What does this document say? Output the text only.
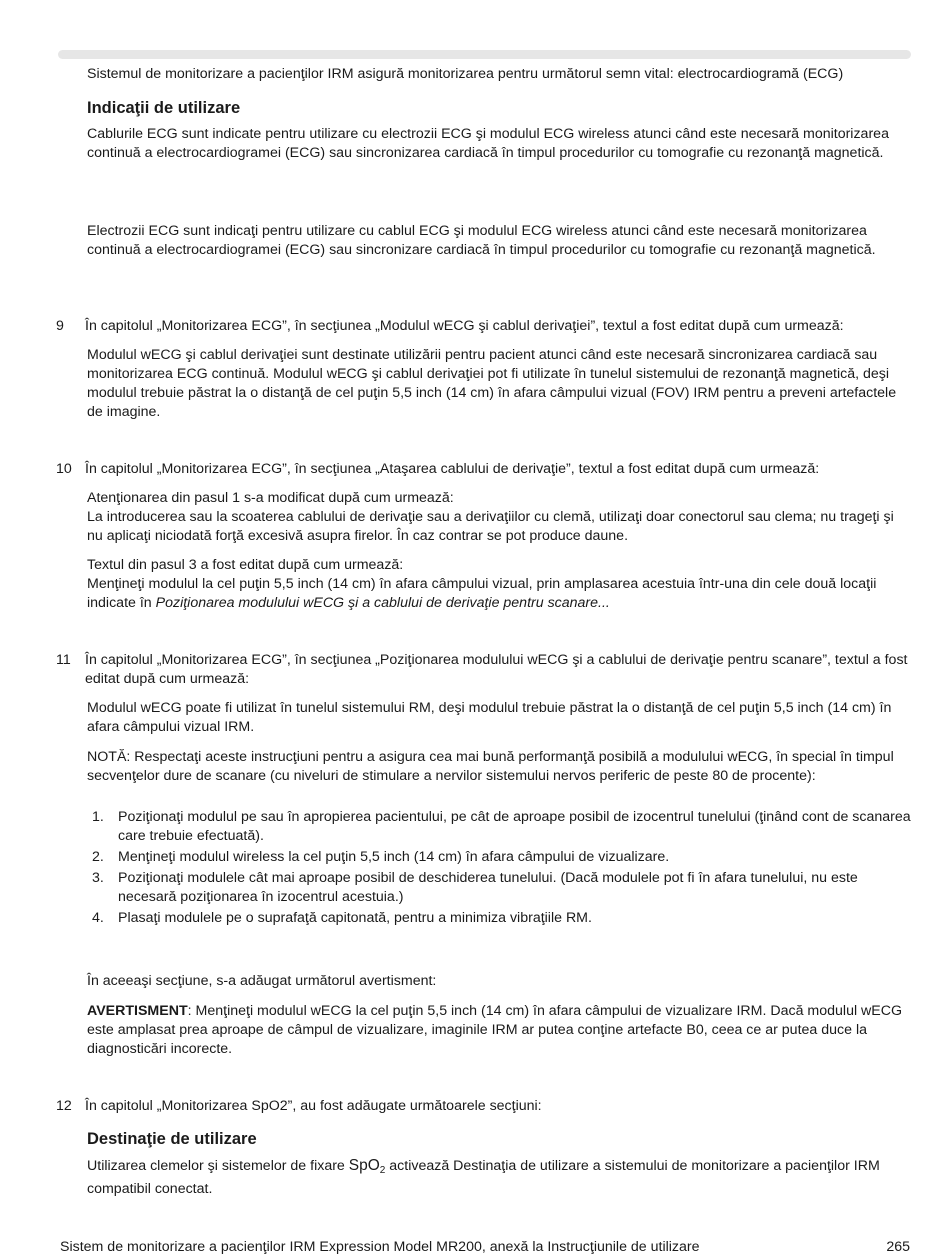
Sistemul de monitorizare a pacienţilor IRM asigură monitorizarea pentru următorul semn vital: electrocardiogramă (ECG)
Indicaţii de utilizare
Cablurile ECG sunt indicate pentru utilizare cu electrozii ECG şi modulul ECG wireless atunci când este necesară monitorizarea continuă a electrocardiogramei (ECG) sau sincronizarea cardiacă în timpul procedurilor cu tomografie cu rezonanţă magnetică.
Electrozii ECG sunt indicaţi pentru utilizare cu cablul ECG şi modulul ECG wireless atunci când este necesară monitorizarea continuă a electrocardiogramei (ECG) sau sincronizare cardiacă în timpul procedurilor cu tomografie cu rezonanţă magnetică.
9 În capitolul „Monitorizarea ECG”, în secţiunea „Modulul wECG şi cablul derivaţiei”, textul a fost editat după cum urmează:
Modulul wECG şi cablul derivaţiei sunt destinate utilizării pentru pacient atunci când este necesară sincronizarea cardiacă sau monitorizarea ECG continuă. Modulul wECG şi cablul derivaţiei pot fi utilizate în tunelul sistemului de rezonanţă magnetică, deşi modulul trebuie păstrat la o distanţă de cel puţin 5,5 inch (14 cm) în afara câmpului vizual (FOV) IRM pentru a preveni artefactele de imagine.
10 În capitolul „Monitorizarea ECG”, în secţiunea „Ataşarea cablului de derivaţie”, textul a fost editat după cum urmează:

Atenţionarea din pasul 1 s-a modificat după cum urmează:

La introducerea sau la scoaterea cablului de derivaţie sau a derivaţiilor cu clemă, utilizaţi doar conectorul sau clema; nu trageţi şi nu aplicaţi niciodată forţă excesivă asupra firelor. În caz contrar se pot produce daune.

Textul din pasul 3 a fost editat după cum urmează:

Menţineţi modulul la cel puţin 5,5 inch (14 cm) în afara câmpului vizual, prin amplasarea acestuia într-una din cele două locaţii indicate în Poziţionarea modulului wECG şi a cablului de derivaţie pentru scanare...

11 În capitolul „Monitorizarea ECG”, în secţiunea „Poziţionarea modulului wECG şi a cablului de derivaţie pentru scanare”, textul a fost editat după cum urmează:
Modulul wECG poate fi utilizat în tunelul sistemului RM, deşi modulul trebuie păstrat la o distanţă de cel puţin 5,5 inch (14 cm) în afara câmpului vizual IRM.
NOTĂ: Respectaţi aceste instrucţiuni pentru a asigura cea mai bună performanţă posibilă a modulului wECG, în special în timpul secvenţelor dure de scanare (cu niveluri de stimulare a nervilor sistemului nervos periferic de peste 80 de procente):
1. Poziţionaţi modulul pe sau în apropierea pacientului, pe cât de aproape posibil de izocentrul tunelului (ţinând cont de scanarea care trebuie efectuată).
2. Menţineţi modulul wireless la cel puţin 5,5 inch (14 cm) în afara câmpului de vizualizare.
3. Poziţionaţi modulele cât mai aproape posibil de deschiderea tunelului. (Dacă modulele pot fi în afara tunelului, nu este necesară poziţionarea în izocentrul acestuia.)
4. Plasaţi modulele pe o suprafaţă capitonată, pentru a minimiza vibraţiile RM.
În aceeaşi secţiune, s-a adăugat următorul avertisment:
AVERTISMENT: Menţineţi modulul wECG la cel puţin 5,5 inch (14 cm) în afara câmpului de vizualizare IRM. Dacă modulul wECG este amplasat prea aproape de câmpul de vizualizare, imaginile IRM ar putea conţine artefacte B0, ceea ce ar putea duce la diagnosticări incorecte.
12 În capitolul „Monitorizarea SpO2”, au fost adăugate următoarele secţiuni:
Destinaţie de utilizare
Utilizarea clemelor şi sistemelor de fixare SpO$_2$ activează Destinaţia de utilizare a sistemului de monitorizare a pacienţilor IRM compatibil conectat.
Sistem de monitorizare a pacienţilor IRM Expression Model MR200, anexă la Instrucţiunile de utilizare	265
